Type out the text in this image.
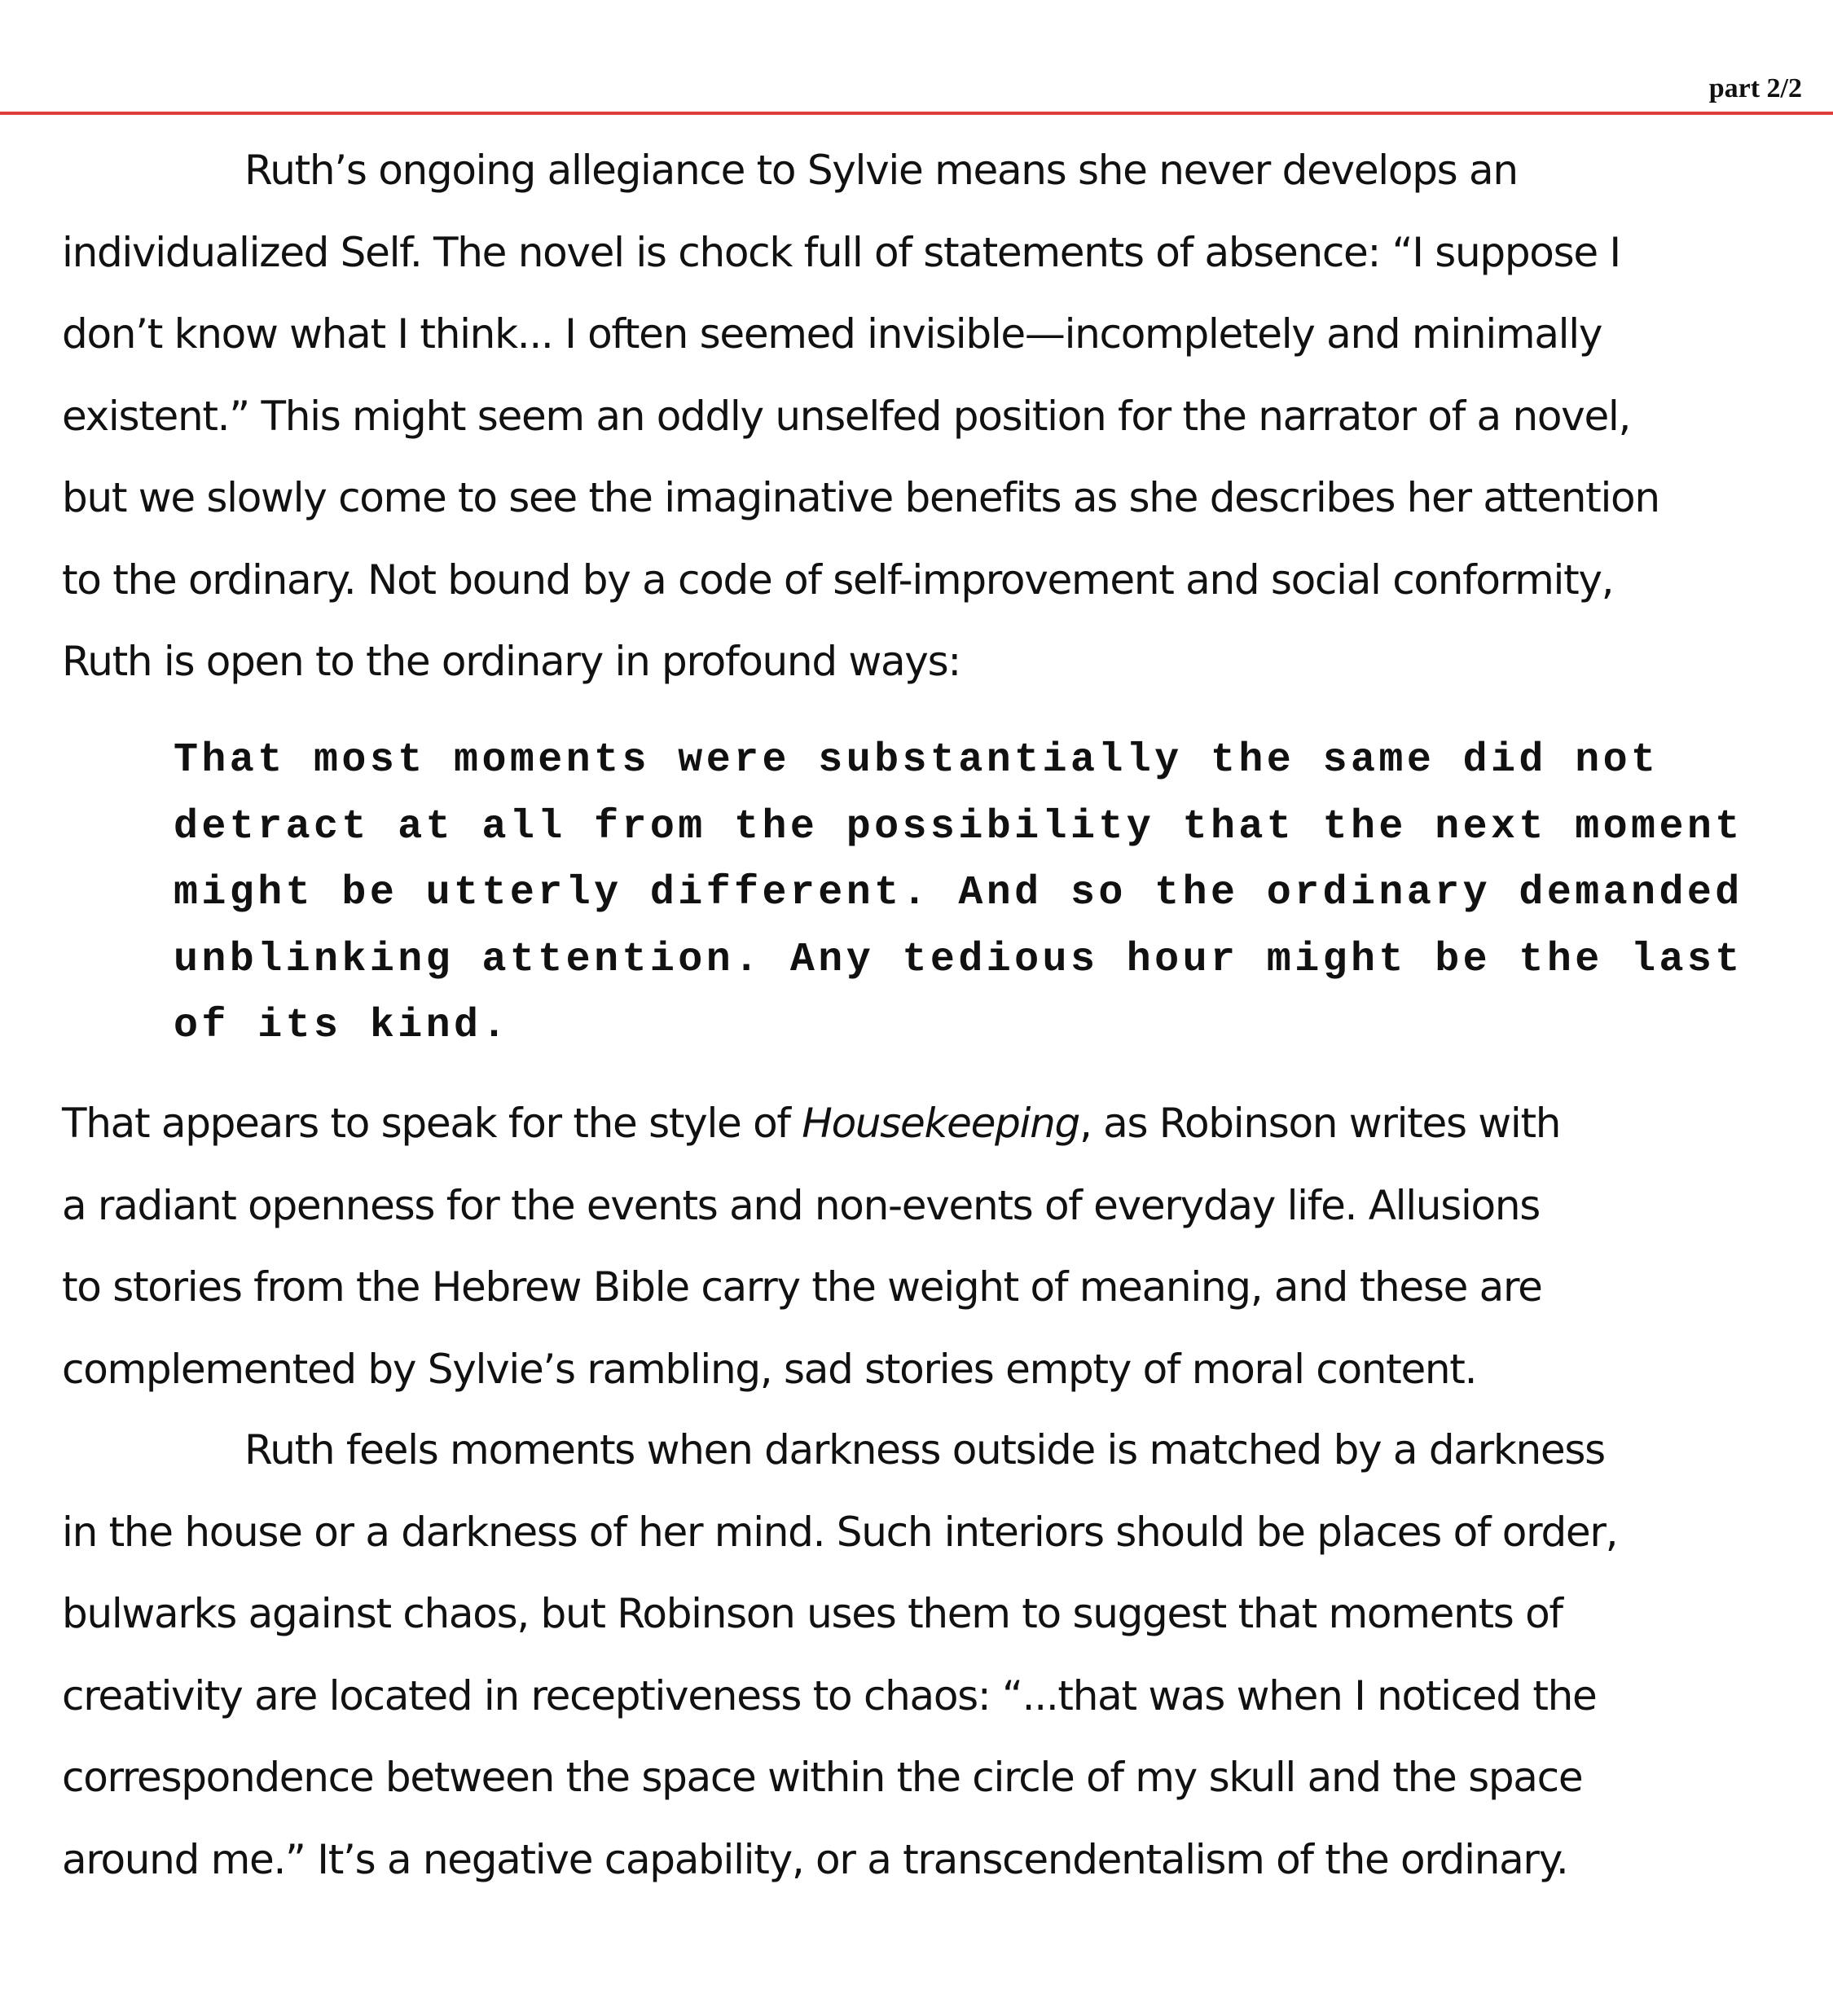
part 2/2

Ruth’s ongoing allegiance to Sylvie means she never develops an
individualized Self. The novel is chock full of statements of absence: “I suppose I
don’t know what I think... I often seemed invisible—incompletely and minimally
existent.” This might seem an oddly unselfed position for the narrator of a novel,
but we slowly come to see the imaginative benefits as she describes her attention
to the ordinary. Not bound by a code of self-improvement and social conformity,
Ruth is open to the ordinary in profound ways:
That most moments were substantially the same did not
detract at all from the possibility that the next moment
might be utterly different. And so the ordinary demanded
unblinking attention. Any tedious hour might be the last
of its kind.
That appears to speak for the style of Housekeeping, as Robinson writes with
a radiant openness for the events and non-events of everyday life. Allusions
to stories from the Hebrew Bible carry the weight of meaning, and these are
complemented by Sylvie’s rambling, sad stories empty of moral content.
Ruth feels moments when darkness outside is matched by a darkness
in the house or a darkness of her mind. Such interiors should be places of order,
bulwarks against chaos, but Robinson uses them to suggest that moments of
creativity are located in receptiveness to chaos: “...that was when I noticed the
correspondence between the space within the circle of my skull and the space
around me.” It’s a negative capability, or a transcendentalism of the ordinary.
